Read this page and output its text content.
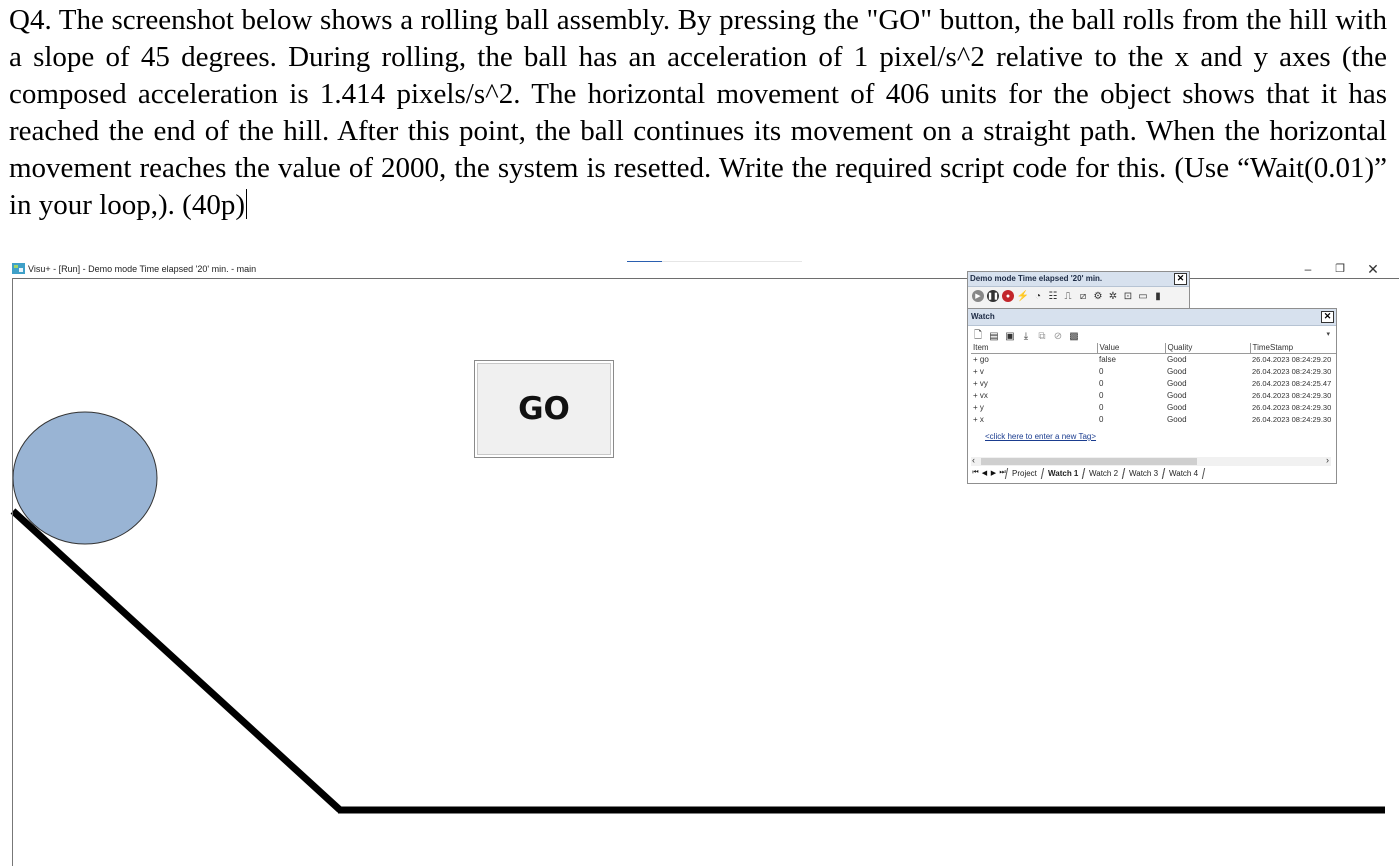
Q4. The screenshot below shows a rolling ball assembly. By pressing the "GO" button, the ball rolls from the hill with a slope of 45 degrees. During rolling, the ball has an acceleration of 1 pixel/s^2 relative to the x and y axes (the composed acceleration is 1.414 pixels/s^2. The horizontal movement of 406 units for the object shows that it has reached the end of the hill. After this point, the ball continues its movement on a straight path. When the horizontal movement reaches the value of 2000, the system is resetted. Write the required script code for this. (Use “Wait(0.01)” in your loop,). (40p)

Visu+ - [Run] - Demo mode Time elapsed '20' min. - main	–	❐	✕
GO
Demo mode Time elapsed '20' min.	✕
▶ ❚❚	● ⚡ ◔ ☷ ⎍ ⧄ ⚙ ✲ ⊡ ▭ ▮
Watch	✕
🗋 ▤ ▣ ⤓	⧉ ⊘ ▩	▾
Item	Value	Quality	TimeStamp
+ go	false	Good	26.04.2023 08:24:29.20
+ v	0	Good	26.04.2023 08:24:29.30
+ vy	0	Good	26.04.2023 08:24:25.47
+ vx	0	Good	26.04.2023 08:24:29.30
+ y	0	Good	26.04.2023 08:24:29.30
+ x	0	Good	26.04.2023 08:24:29.30
<click here to enter a new Tag>
‹	›
⏮ ◀ ▶ ⏭ Project	Watch 1	Watch 2	Watch 3	Watch 4
